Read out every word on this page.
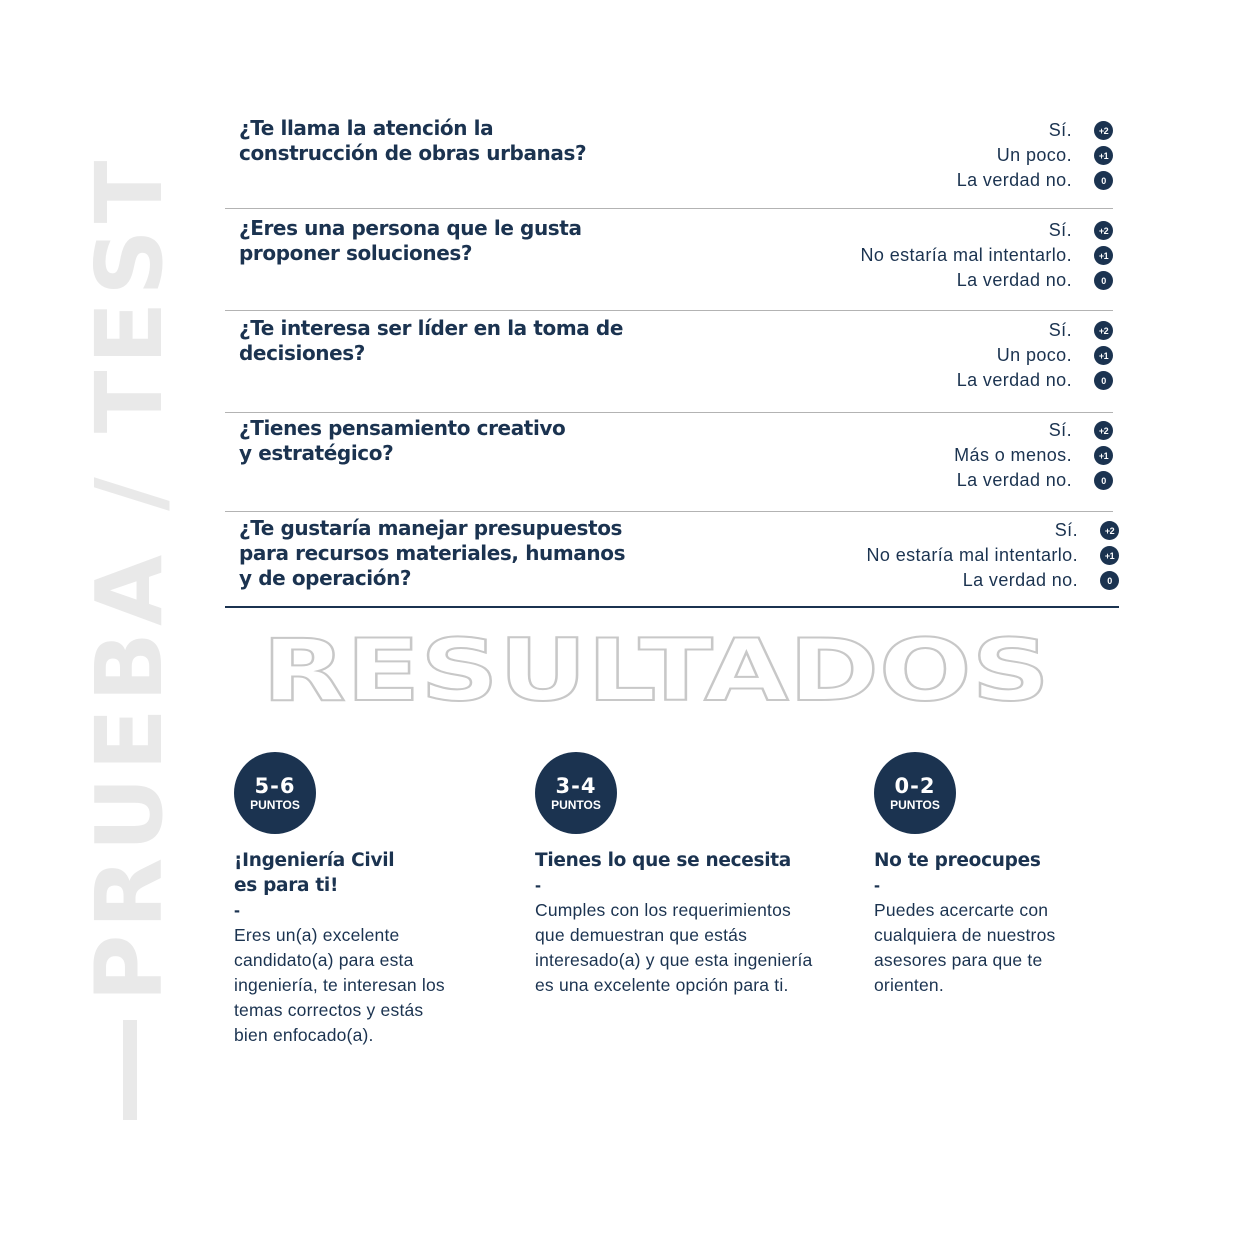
PRUEBA / TEST
¿Te llama la atención la
construcción de obras urbanas?
Sí.	+2
Un poco.	+1
La verdad no.	0
¿Eres una persona que le gusta
proponer soluciones?
Sí.	+2
No estaría mal intentarlo.	+1
La verdad no.	0
¿Te interesa ser líder en la toma de
decisiones?
Sí.	+2
Un poco.	+1
La verdad no.	0
¿Tienes pensamiento creativo
y estratégico?
Sí.	+2
Más o menos.	+1
La verdad no.	0
¿Te gustaría manejar presupuestos
para recursos materiales, humanos
y de operación?
Sí.	+2
No estaría mal intentarlo.	+1
La verdad no.	0
RESULTADOS
5-6
PUNTOS
¡Ingeniería Civil
es para ti!
-
Eres un(a) excelente
candidato(a) para esta
ingeniería, te interesan los
temas correctos y estás
bien enfocado(a).
3-4
PUNTOS
Tienes lo que se necesita
-
Cumples con los requerimientos
que demuestran que estás
interesado(a) y que esta ingeniería
es una excelente opción para ti.
0-2
PUNTOS
No te preocupes
-
Puedes acercarte con
cualquiera de nuestros
asesores para que te
orienten.
